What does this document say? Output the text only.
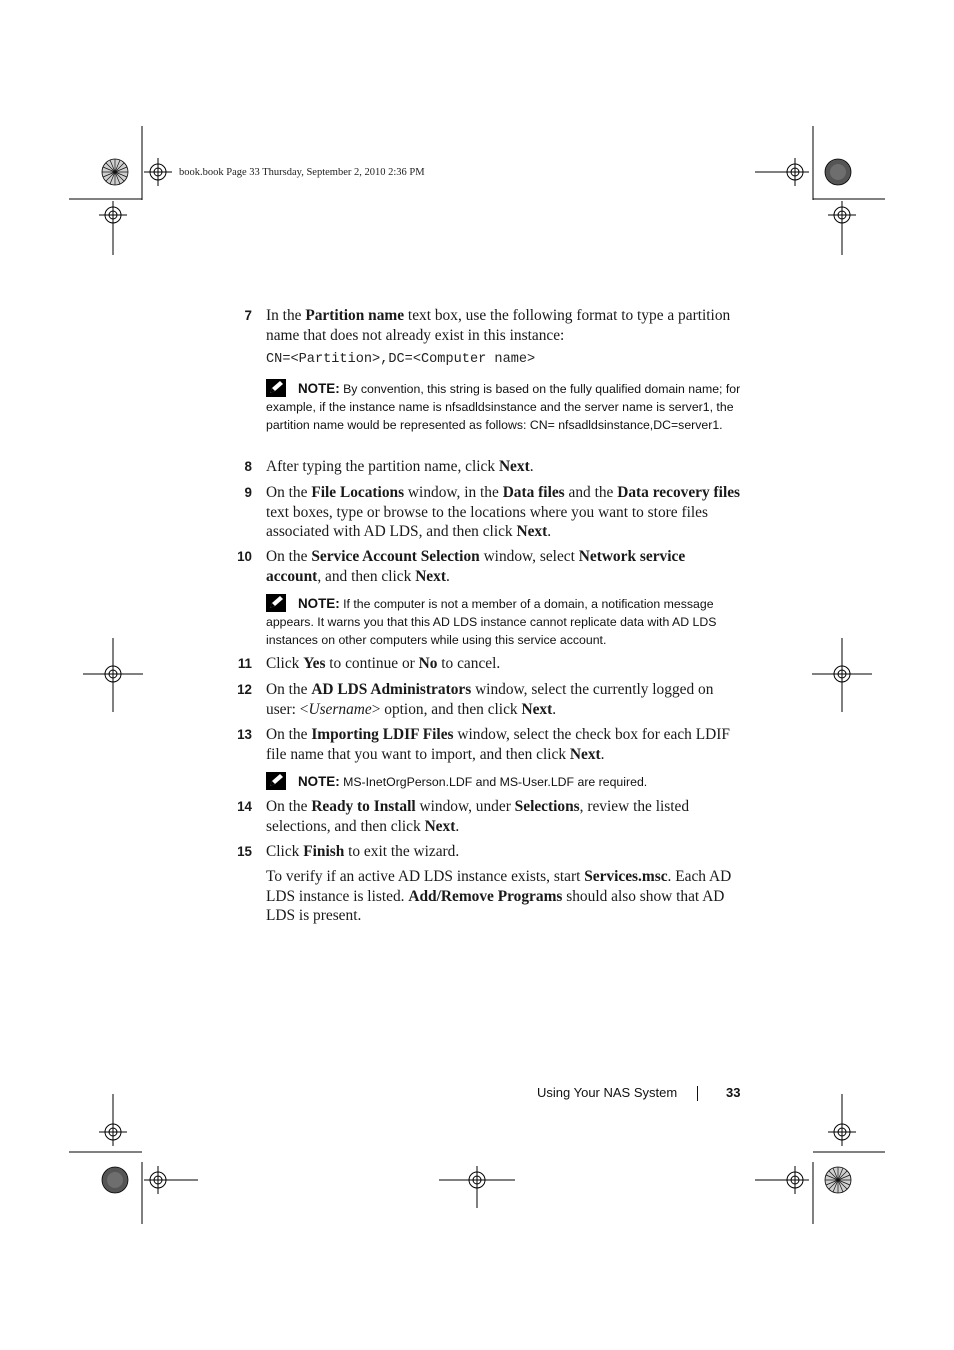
book.book Page 33 Thursday, September 2, 2010 2:36 PM
7 In the Partition name text box, use the following format to type a partition name that does not already exist in this instance:
CN=<Partition>,DC=<Computer name>
NOTE: By convention, this string is based on the fully qualified domain name; for example, if the instance name is nfsadldsinstance and the server name is server1, the partition name would be represented as follows: CN= nfsadldsinstance,DC=server1.
8 After typing the partition name, click Next.
9 On the File Locations window, in the Data files and the Data recovery files text boxes, type or browse to the locations where you want to store files associated with AD LDS, and then click Next.
10 On the Service Account Selection window, select Network service account, and then click Next.
NOTE: If the computer is not a member of a domain, a notification message appears. It warns you that this AD LDS instance cannot replicate data with AD LDS instances on other computers while using this service account.
11 Click Yes to continue or No to cancel.
12 On the AD LDS Administrators window, select the currently logged on user: <Username> option, and then click Next.
13 On the Importing LDIF Files window, select the check box for each LDIF file name that you want to import, and then click Next.
NOTE: MS-InetOrgPerson.LDF and MS-User.LDF are required.
14 On the Ready to Install window, under Selections, review the listed selections, and then click Next.
15 Click Finish to exit the wizard.
To verify if an active AD LDS instance exists, start Services.msc. Each AD LDS instance is listed. Add/Remove Programs should also show that AD LDS is present.
Using Your NAS System	33
